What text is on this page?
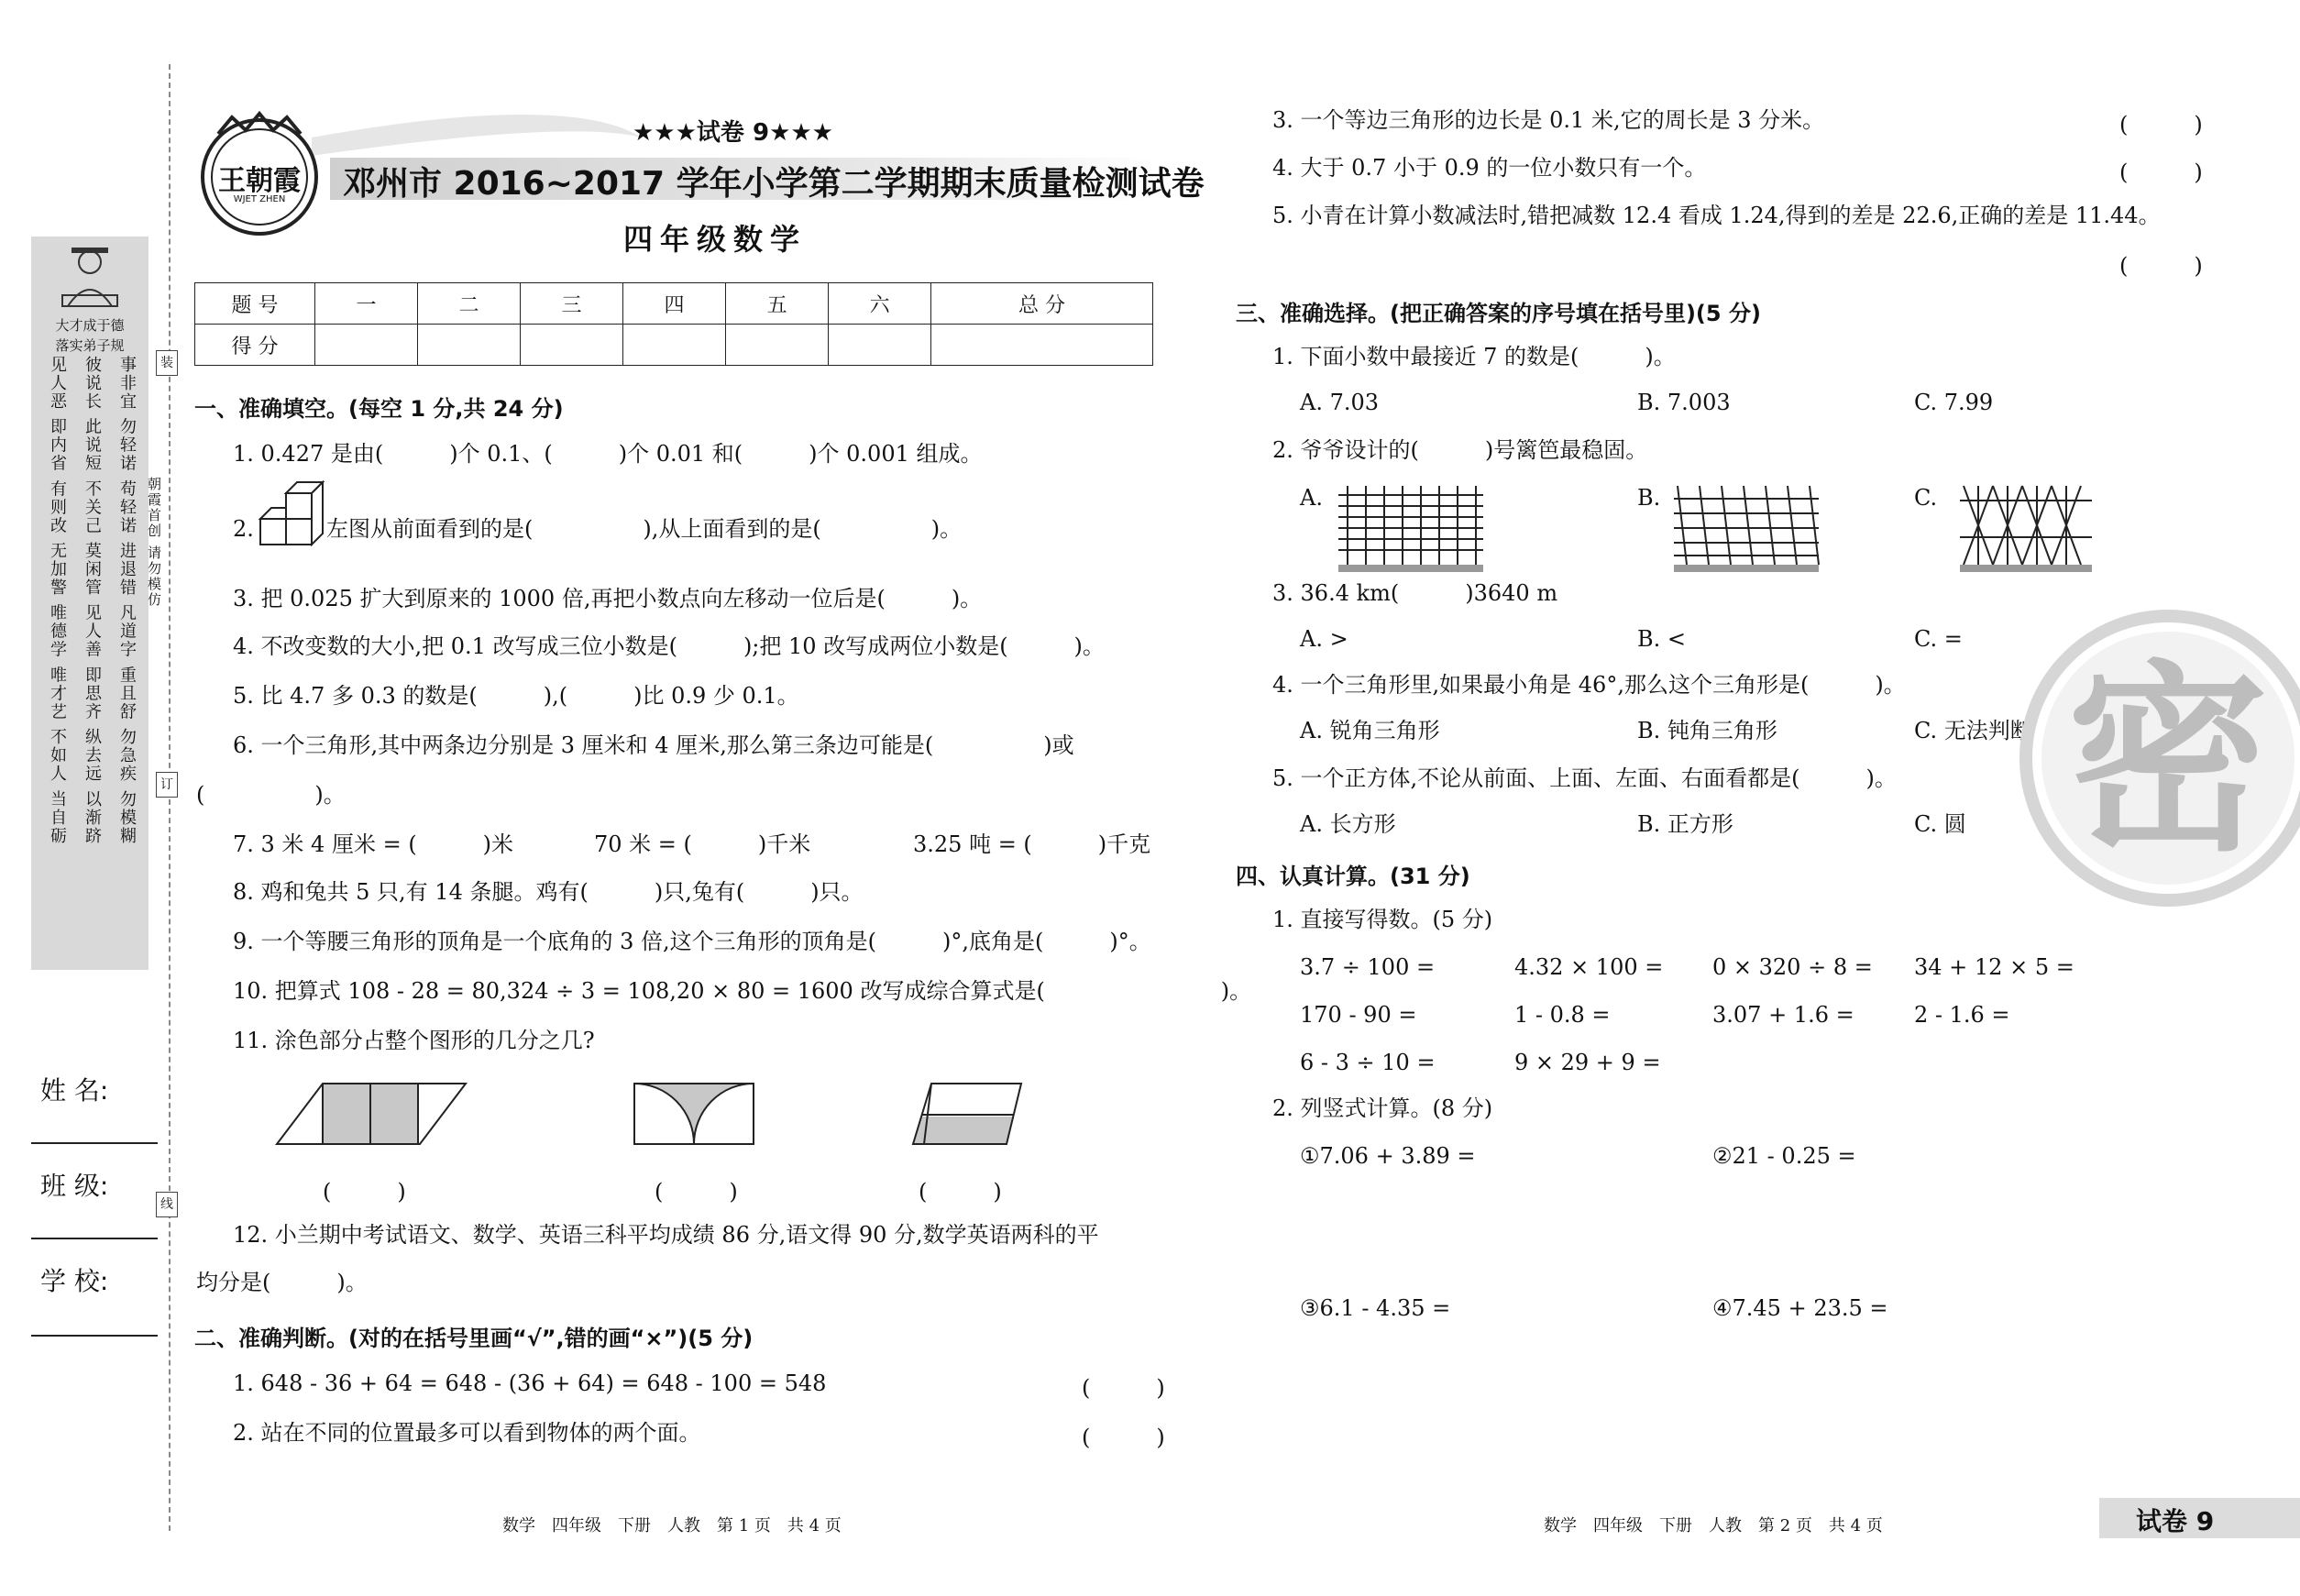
大才成于德
落实弟子规
见人恶 即内省 有则改 无加警 唯德学 唯才艺 不如人 当自砺 彼说长 此说短 不关己 莫闲管 见人善 即思齐 纵去远 以渐跻 事非宜 勿轻诺 苟轻诺 进退错 凡道字 重且舒 勿急疾 勿模糊 朝霞首创 请勿模仿
装
订
线
姓 名:
班 级:
学 校:
王朝霞
WJET ZHEN
★★★试卷 9★★★
邓州市 2016~2017 学年小学第二学期期末质量检测试卷
四年级数学
题 号	一	二	三	四	五	六	总 分
得 分							
一、准确填空。(每空 1 分,共 24 分)
1. 0.427 是由(　　　)个 0.1、(　　　)个 0.01 和(　　　)个 0.001 组成。
2.	左图从前面看到的是(　　　　　),从上面看到的是(　　　　　)。
3. 把 0.025 扩大到原来的 1000 倍,再把小数点向左移动一位后是(　　　)。
4. 不改变数的大小,把 0.1 改写成三位小数是(　　　);把 10 改写成两位小数是(　　　)。
5. 比 4.7 多 0.3 的数是(　　　),(　　　)比 0.9 少 0.1。
6. 一个三角形,其中两条边分别是 3 厘米和 4 厘米,那么第三条边可能是(　　　　　)或
(　　　　　)。
7. 3 米 4 厘米 = (　　　)米	70 米 = (　　　)千米	3.25 吨 = (　　　)千克
8. 鸡和兔共 5 只,有 14 条腿。鸡有(　　　)只,兔有(　　　)只。
9. 一个等腰三角形的顶角是一个底角的 3 倍,这个三角形的顶角是(　　　)°,底角是(　　　)°。
10. 把算式 108 - 28 = 80,324 ÷ 3 = 108,20 × 80 = 1600 改写成综合算式是(　　　　　　　　)。
11. 涂色部分占整个图形的几分之几?
(　　　)	(　　　)	(　　　)
12. 小兰期中考试语文、数学、英语三科平均成绩 86 分,语文得 90 分,数学英语两科的平
均分是(　　　)。
二、准确判断。(对的在括号里画“√”,错的画“×”)(5 分)
1. 648 - 36 + 64 = 648 - (36 + 64) = 648 - 100 = 548	(　　　)
2. 站在不同的位置最多可以看到物体的两个面。	(　　　)
数学　四年级　下册　人教　第 1 页　共 4 页
3. 一个等边三角形的边长是 0.1 米,它的周长是 3 分米。	(　　　)
4. 大于 0.7 小于 0.9 的一位小数只有一个。	(　　　)
5. 小青在计算小数减法时,错把减数 12.4 看成 1.24,得到的差是 22.6,正确的差是 11.44。
(　　　)
三、准确选择。(把正确答案的序号填在括号里)(5 分)
1. 下面小数中最接近 7 的数是(　　　)。
A. 7.03	B. 7.003	C. 7.99
2. 爷爷设计的(　　　)号篱笆最稳固。
A.	B.	C.
3. 36.4 km(　　　)3640 m
A. >	B. <	C. =
4. 一个三角形里,如果最小角是 46°,那么这个三角形是(　　　)。
A. 锐角三角形	B. 钝角三角形	C. 无法判断
5. 一个正方体,不论从前面、上面、左面、右面看都是(　　　)。
A. 长方形	B. 正方形	C. 圆 密
四、认真计算。(31 分)
1. 直接写得数。(5 分)
3.7 ÷ 100 =	4.32 × 100 = 0 × 320 ÷ 8 = 34 + 12 × 5 =
170 - 90 =	1 - 0.8 =	3.07 + 1.6 =	2 - 1.6 =
6 - 3 ÷ 10 =	9 × 29 + 9 =
2. 列竖式计算。(8 分)
①7.06 + 3.89 =	②21 - 0.25 =
③6.1 - 4.35 =	④7.45 + 23.5 =
数学　四年级　下册　人教　第 2 页　共 4 页	试卷 9
